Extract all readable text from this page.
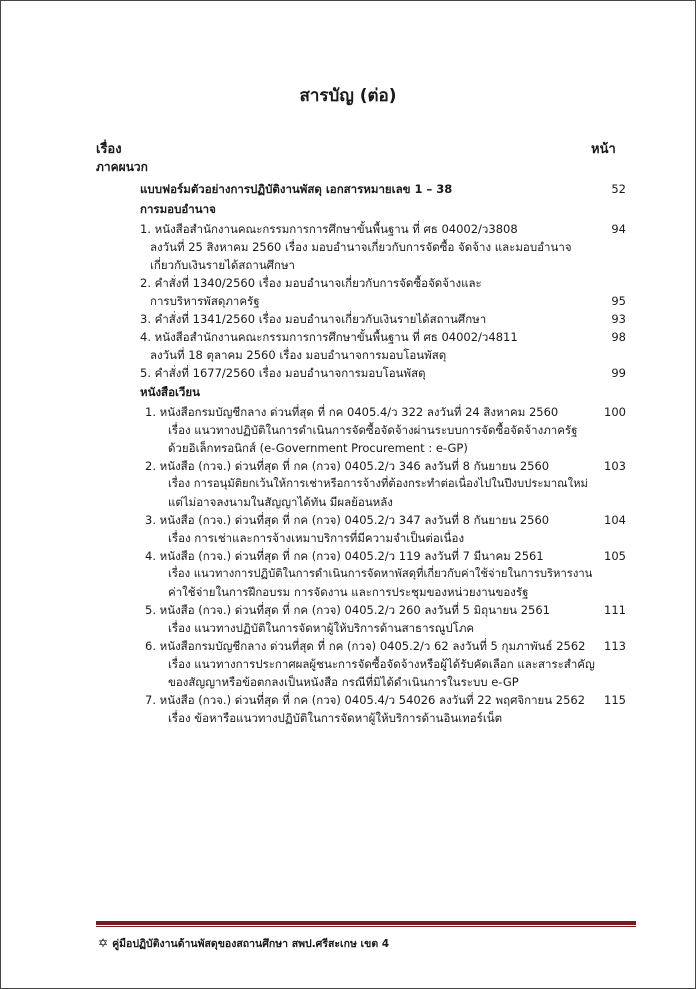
สารบัญ (ต่อ)
เรื่อง	หน้า
ภาคผนวก
แบบฟอร์มตัวอย่างการปฏิบัติงานพัสดุ เอกสารหมายเลข 1 – 38	52
การมอบอำนาจ
1. หนังสือสำนักงานคณะกรรมการการศึกษาขั้นพื้นฐาน ที่ ศธ 04002/ว3808	94
ลงวันที่ 25 สิงหาคม 2560 เรื่อง มอบอำนาจเกี่ยวกับการจัดซื้อ จัดจ้าง และมอบอำนาจ
เกี่ยวกับเงินรายได้สถานศึกษา
2. คำสั่งที่ 1340/2560 เรื่อง มอบอำนาจเกี่ยวกับการจัดซื้อจัดจ้างและ
การบริหารพัสดุภาครัฐ	95
3. คำสั่งที่ 1341/2560 เรื่อง มอบอำนาจเกี่ยวกับเงินรายได้สถานศึกษา	93
4. หนังสือสำนักงานคณะกรรมการการศึกษาขั้นพื้นฐาน ที่ ศธ 04002/ว4811	98
ลงวันที่ 18 ตุลาคม 2560 เรื่อง มอบอำนาจการมอบโอนพัสดุ
5. คำสั่งที่ 1677/2560 เรื่อง มอบอำนาจการมอบโอนพัสดุ	99
หนังสือเวียน
1. หนังสือกรมบัญชีกลาง ด่วนที่สุด ที่ กค 0405.4/ว 322 ลงวันที่ 24 สิงหาคม 2560	100
เรื่อง แนวทางปฏิบัติในการดำเนินการจัดซื้อจัดจ้างผ่านระบบการจัดซื้อจัดจ้างภาครัฐ
ด้วยอิเล็กทรอนิกส์ (e-Government Procurement : e-GP)
2. หนังสือ (กวจ.) ด่วนที่สุด ที่ กค (กวจ) 0405.2/ว 346 ลงวันที่ 8 กันยายน 2560	103
เรื่อง การอนุมัติยกเว้นให้การเช่าหรือการจ้างที่ต้องกระทำต่อเนื่องไปในปีงบประมาณใหม่
แต่ไม่อาจลงนามในสัญญาได้ทัน มีผลย้อนหลัง
3. หนังสือ (กวจ.) ด่วนที่สุด ที่ กค (กวจ) 0405.2/ว 347 ลงวันที่ 8 กันยายน 2560	104
เรื่อง การเช่าและการจ้างเหมาบริการที่มีความจำเป็นต่อเนื่อง
4. หนังสือ (กวจ.) ด่วนที่สุด ที่ กค (กวจ) 0405.2/ว 119 ลงวันที่ 7 มีนาคม 2561	105
เรื่อง แนวทางการปฏิบัติในการดำเนินการจัดหาพัสดุที่เกี่ยวกับค่าใช้จ่ายในการบริหารงาน
ค่าใช้จ่ายในการฝึกอบรม การจัดงาน และการประชุมของหน่วยงานของรัฐ
5. หนังสือ (กวจ.) ด่วนที่สุด ที่ กค (กวจ) 0405.2/ว 260 ลงวันที่ 5 มิถุนายน 2561	111
เรื่อง แนวทางปฏิบัติในการจัดหาผู้ให้บริการด้านสาธารณูปโภค
6. หนังสือกรมบัญชีกลาง ด่วนที่สุด ที่ กค (กวจ) 0405.2/ว 62 ลงวันที่ 5 กุมภาพันธ์ 2562	113
เรื่อง แนวทางการประกาศผลผู้ชนะการจัดซื้อจัดจ้างหรือผู้ได้รับคัดเลือก และสาระสำคัญ
ของสัญญาหรือข้อตกลงเป็นหนังสือ กรณีที่มิได้ดำเนินการในระบบ e-GP
7. หนังสือ (กวจ.) ด่วนที่สุด ที่ กค (กวจ) 0405.4/ว 54026 ลงวันที่ 22 พฤศจิกายน 2562	115
เรื่อง ข้อหารือแนวทางปฏิบัติในการจัดหาผู้ให้บริการด้านอินเทอร์เน็ต
✡ คู่มือปฏิบัติงานด้านพัสดุของสถานศึกษา สพป.ศรีสะเกษ เขต 4
